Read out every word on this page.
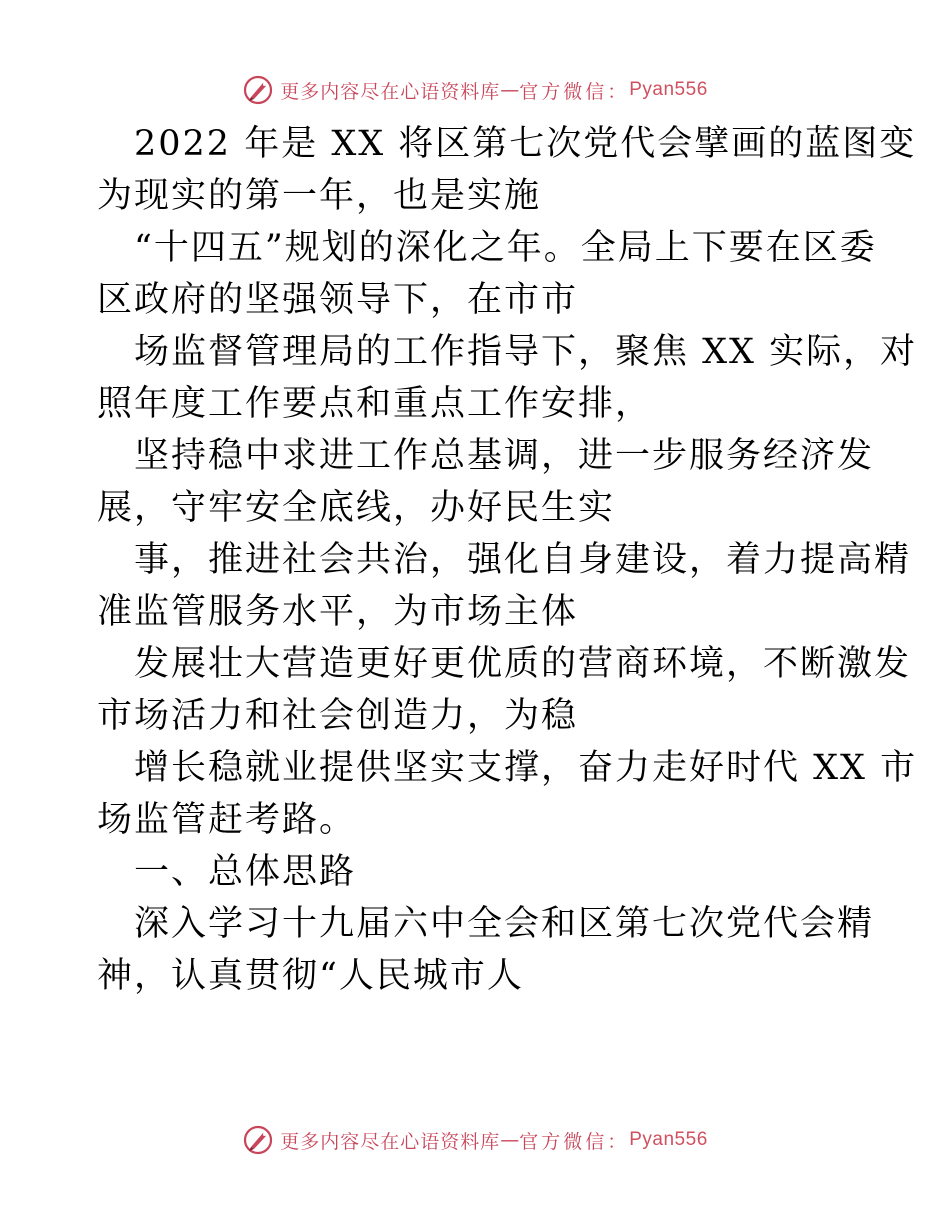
更多内容尽在心语资料库 — 官方微信： Pyan556
2022 年是 XX 将区第七次党代会擘画的蓝图变
为现实的第一年，也是实施
“十四五”规划的深化之年。全局上下要在区委
区政府的坚强领导下，在市市
场监督管理局的工作指导下，聚焦 XX 实际，对
照年度工作要点和重点工作安排，
坚持稳中求进工作总基调，进一步服务经济发
展，守牢安全底线，办好民生实
事，推进社会共治，强化自身建设，着力提高精
准监管服务水平，为市场主体
发展壮大营造更好更优质的营商环境，不断激发
市场活力和社会创造力，为稳
增长稳就业提供坚实支撑，奋力走好时代 XX 市
场监管赶考路。
一、总体思路
深入学习十九届六中全会和区第七次党代会精
神，认真贯彻“人民城市人
更多内容尽在心语资料库 — 官方微信： Pyan556
